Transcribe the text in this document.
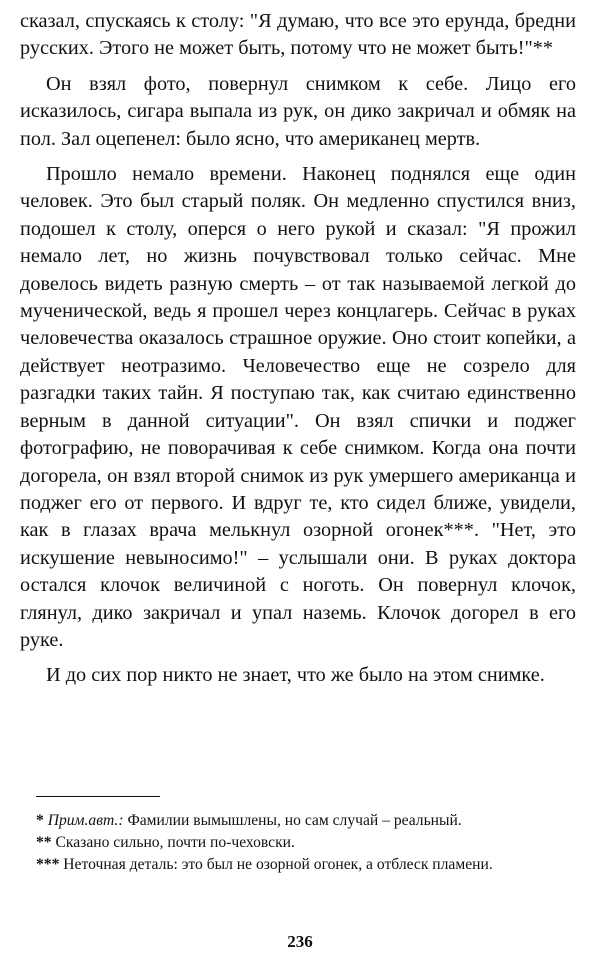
сказал, спускаясь к столу: "Я думаю, что все это ерунда, бредни русских. Этого не может быть, потому что не может быть!"**

Он взял фото, повернул снимком к себе. Лицо его исказилось, сигара выпала из рук, он дико закричал и обмяк на пол. Зал оцепенел: было ясно, что американец мертв.

Прошло немало времени. Наконец поднялся еще один человек. Это был старый поляк. Он медленно спустился вниз, подошел к столу, оперся о него рукой и сказал: "Я прожил немало лет, но жизнь почувствовал только сейчас. Мне довелось видеть разную смерть – от так называемой легкой до мученической, ведь я прошел через концлагерь. Сейчас в руках человечества оказалось страшное оружие. Оно стоит копейки, а действует неотразимо. Человечество еще не созрело для разгадки таких тайн. Я поступаю так, как считаю единственно верным в данной ситуации". Он взял спички и поджег фотографию, не поворачивая к себе снимком. Когда она почти догорела, он взял второй снимок из рук умершего американца и поджег его от первого. И вдруг те, кто сидел ближе, увидели, как в глазах врача мелькнул озорной огонек***. "Нет, это искушение невыносимо!" – услышали они. В руках доктора остался клочок величиной с ноготь. Он повернул клочок, глянул, дико закричал и упал наземь. Клочок догорел в его руке.

И до сих пор никто не знает, что же было на этом снимке.

* Прим.авт.: Фамилии вымышлены, но сам случай – реальный.

** Сказано сильно, почти по-чеховски.

*** Неточная деталь: это был не озорной огонек, а отблеск пламени.

236
